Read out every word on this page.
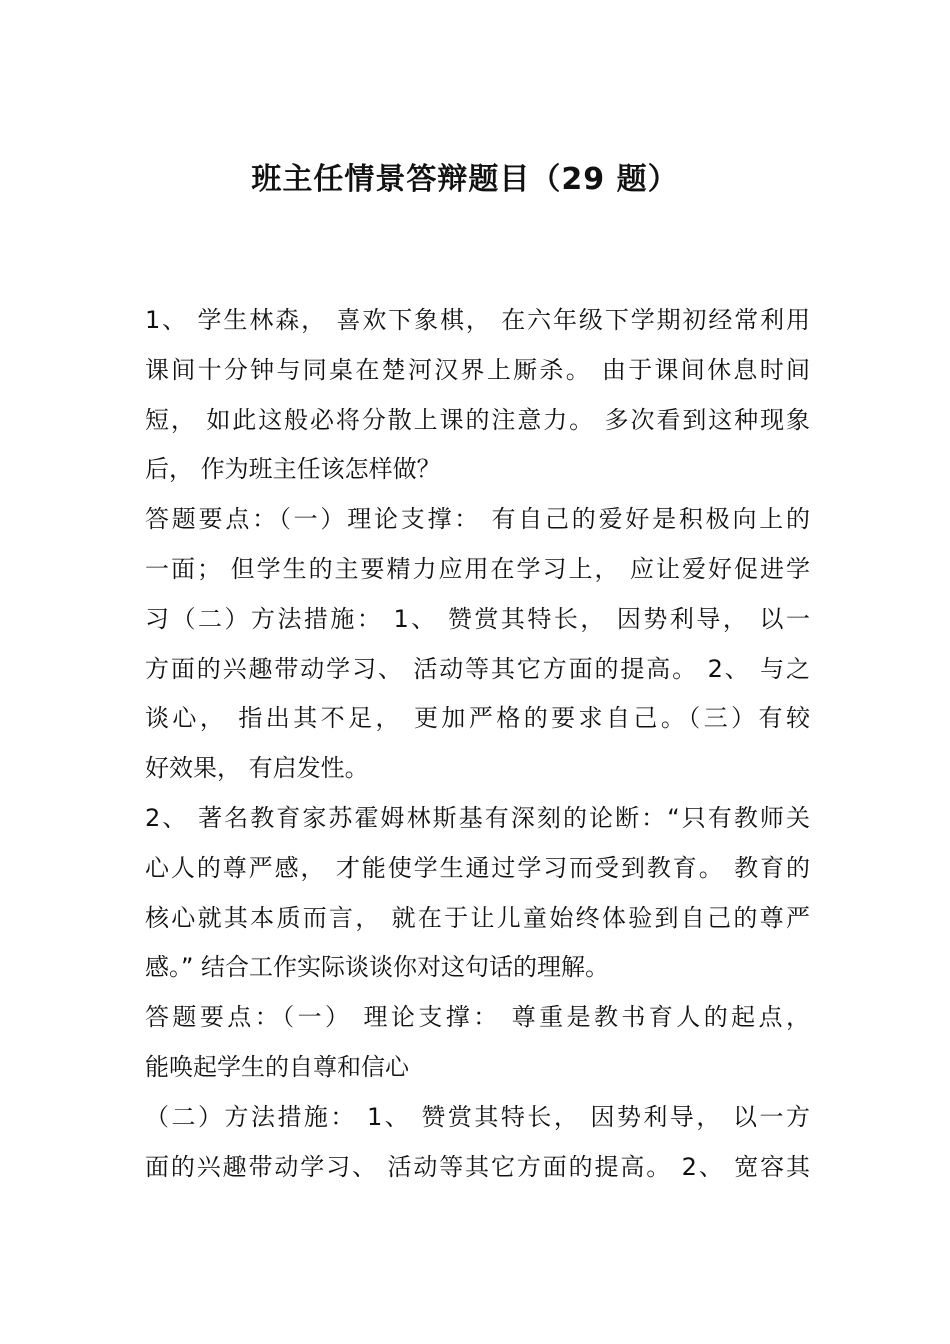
班主任情景答辩题目（29 题）
1、 学生林森， 喜欢下象棋， 在六年级下学期初经常利用
课间十分钟与同桌在楚河汉界上厮杀。 由于课间休息时间
短， 如此这般必将分散上课的注意力。 多次看到这种现象
后， 作为班主任该怎样做？
答题要点：（一）理论支撑： 有自己的爱好是积极向上的
一面； 但学生的主要精力应用在学习上， 应让爱好促进学
习（二）方法措施： 1、 赞赏其特长， 因势利导， 以一
方面的兴趣带动学习、 活动等其它方面的提高。 2、 与之
谈心， 指出其不足， 更加严格的要求自己。（三）有较
好效果， 有启发性。
2、 著名教育家苏霍姆林斯基有深刻的论断：“只有教师关
心人的尊严感， 才能使学生通过学习而受到教育。 教育的
核心就其本质而言， 就在于让儿童始终体验到自己的尊严
感。” 结合工作实际谈谈你对这句话的理解。
答题要点：（一） 理论支撑： 尊重是教书育人的起点，
能唤起学生的自尊和信心
（二）方法措施： 1、 赞赏其特长， 因势利导， 以一方
面的兴趣带动学习、 活动等其它方面的提高。 2、 宽容其
